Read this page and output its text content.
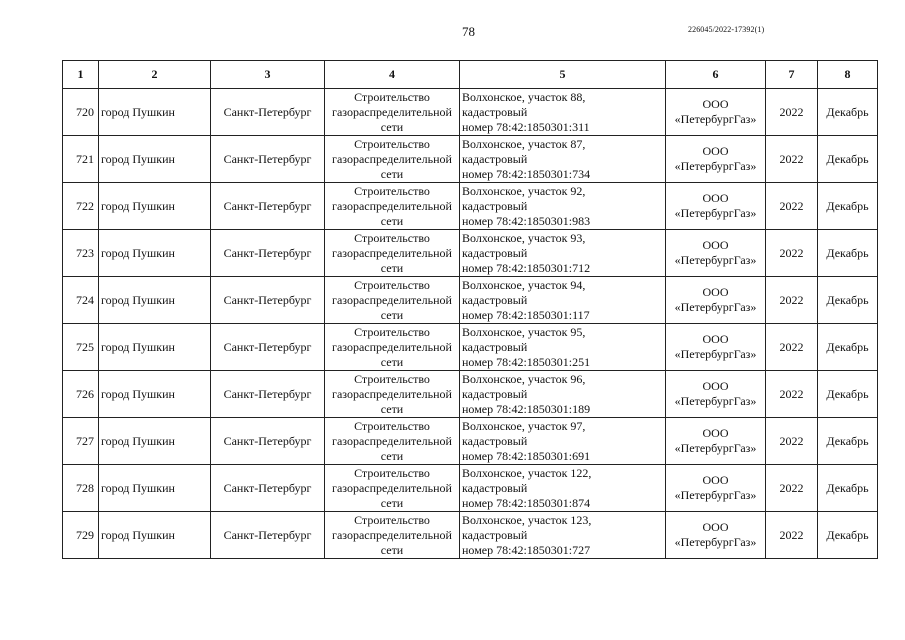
78	226045/2022-17392(1)
1	2	3	4	5	6	7	8
720	город Пушкин	Санкт-Петербург	Строительство
газораспределительной
сети	Волхонское, участок 88,
кадастровый
номер 78:42:1850301:311	ООО
«ПетербургГаз»	2022	Декабрь
721	город Пушкин	Санкт-Петербург	Строительство
газораспределительной
сети	Волхонское, участок 87,
кадастровый
номер 78:42:1850301:734	ООО
«ПетербургГаз»	2022	Декабрь
722	город Пушкин	Санкт-Петербург	Строительство
газораспределительной
сети	Волхонское, участок 92,
кадастровый
номер 78:42:1850301:983	ООО
«ПетербургГаз»	2022	Декабрь
723	город Пушкин	Санкт-Петербург	Строительство
газораспределительной
сети	Волхонское, участок 93,
кадастровый
номер 78:42:1850301:712	ООО
«ПетербургГаз»	2022	Декабрь
724	город Пушкин	Санкт-Петербург	Строительство
газораспределительной
сети	Волхонское, участок 94,
кадастровый
номер 78:42:1850301:117	ООО
«ПетербургГаз»	2022	Декабрь
725	город Пушкин	Санкт-Петербург	Строительство
газораспределительной
сети	Волхонское, участок 95,
кадастровый
номер 78:42:1850301:251	ООО
«ПетербургГаз»	2022	Декабрь
726	город Пушкин	Санкт-Петербург	Строительство
газораспределительной
сети	Волхонское, участок 96,
кадастровый
номер 78:42:1850301:189	ООО
«ПетербургГаз»	2022	Декабрь
727	город Пушкин	Санкт-Петербург	Строительство
газораспределительной
сети	Волхонское, участок 97,
кадастровый
номер 78:42:1850301:691	ООО
«ПетербургГаз»	2022	Декабрь
728	город Пушкин	Санкт-Петербург	Строительство
газораспределительной
сети	Волхонское, участок 122,
кадастровый
номер 78:42:1850301:874	ООО
«ПетербургГаз»	2022	Декабрь
729	город Пушкин	Санкт-Петербург	Строительство
газораспределительной
сети	Волхонское, участок 123,
кадастровый
номер 78:42:1850301:727	ООО
«ПетербургГаз»	2022	Декабрь
